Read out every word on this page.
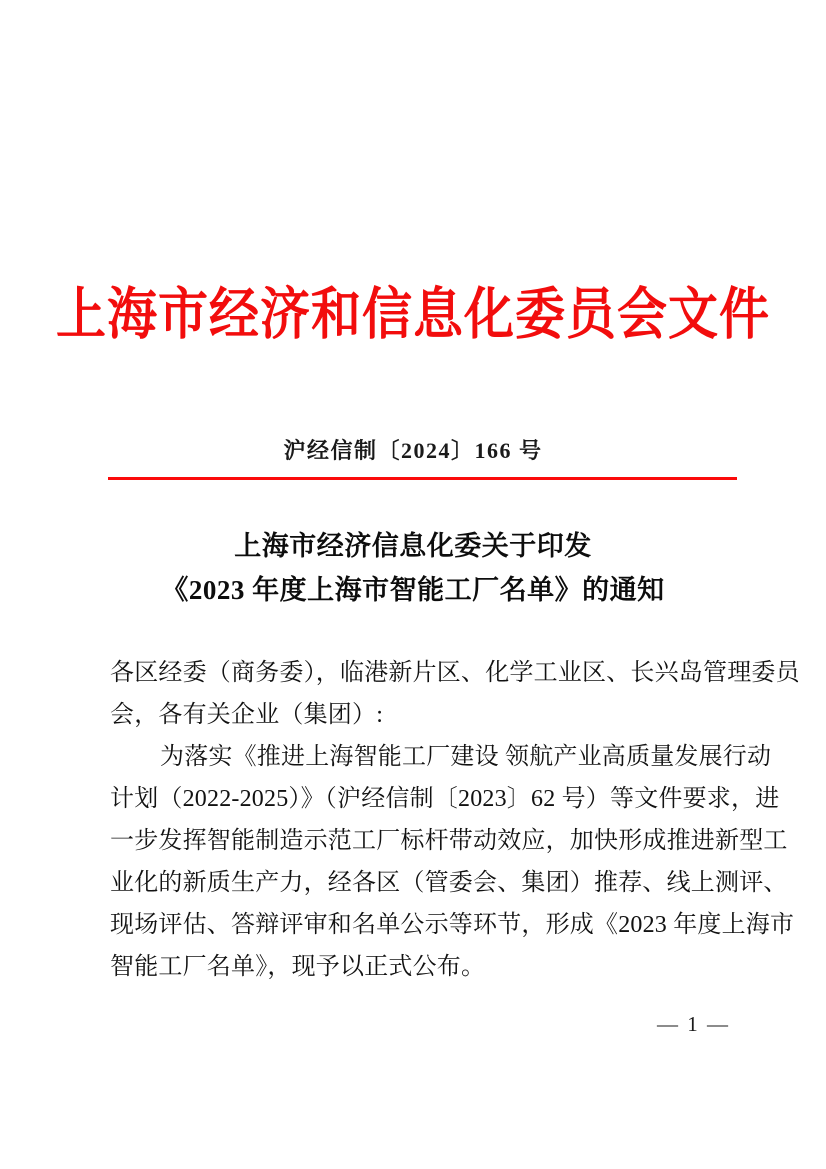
上海市经济和信息化委员会文件
沪经信制〔2024〕166 号
上海市经济信息化委关于印发
《2023 年度上海市智能工厂名单》的通知
各区经委（商务委），临港新片区、化学工业区、长兴岛管理委员
会，各有关企业（集团）:
为落实《推进上海智能工厂建设 领航产业高质量发展行动
计划（2022-2025）》（沪经信制〔2023〕62 号）等文件要求，进
一步发挥智能制造示范工厂标杆带动效应，加快形成推进新型工
业化的新质生产力，经各区（管委会、集团）推荐、线上测评、
现场评估、答辩评审和名单公示等环节，形成《2023 年度上海市
智能工厂名单》，现予以正式公布。
— 1 —
